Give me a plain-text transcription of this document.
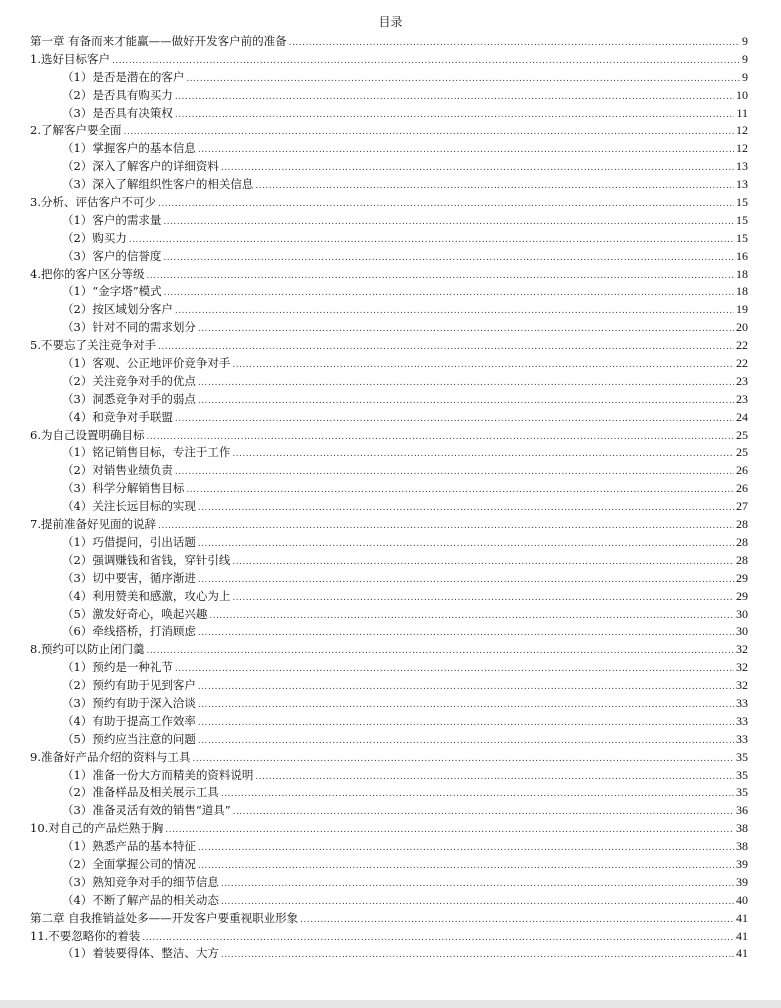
目录
第一章 有备而来才能赢——做好开发客户前的准备 .....	9
1.选好目标客户 .....	9
（1）是否是潜在的客户 .....	9
（2）是否具有购买力 .....	10
（3）是否具有决策权 .....	11
2.了解客户要全面 .....	12
（1）掌握客户的基本信息 .....	12
（2）深入了解客户的详细资料 .....	13
（3）深入了解组织性客户的相关信息 .....	13
3.分析、评估客户不可少 .....	15
（1）客户的需求量 .....	15
（2）购买力 .....	15
（3）客户的信誉度 .....	16
4.把你的客户区分等级 .....	18
（1）“金字塔”模式 .....	18
（2）按区域划分客户 .....	19
（3）针对不同的需求划分 .....	20
5.不要忘了关注竞争对手 .....	22
（1）客观、公正地评价竞争对手 .....	22
（2）关注竞争对手的优点 .....	23
（3）洞悉竞争对手的弱点 .....	23
（4）和竞争对手联盟 .....	24
6.为自己设置明确目标 .....	25
（1）铭记销售目标，专注于工作 .....	25
（2）对销售业绩负责 .....	26
（3）科学分解销售目标 .....	26
（4）关注长远目标的实现 .....	27
7.提前准备好见面的说辞 .....	28
（1）巧借提问，引出话题 .....	28
（2）强调赚钱和省钱，穿针引线 .....	28
（3）切中要害，循序渐进 .....	29
（4）利用赞美和感激，攻心为上 .....	29
（5）激发好奇心，唤起兴趣 .....	30
（6）牵线搭桥，打消顾虑 .....	30
8.预约可以防止闭门羹 .....	32
（1）预约是一种礼节 .....	32
（2）预约有助于见到客户 .....	32
（3）预约有助于深入洽谈 .....	33
（4）有助于提高工作效率 .....	33
（5）预约应当注意的问题 .....	33
9.准备好产品介绍的资料与工具 .....	35
（1）准备一份大方而精美的资料说明 .....	35
（2）准备样品及相关展示工具 .....	35
（3）准备灵活有效的销售“道具” .....	36
10.对自己的产品烂熟于胸 .....	38
（1）熟悉产品的基本特征 .....	38
（2）全面掌握公司的情况 .....	39
（3）熟知竞争对手的细节信息 .....	39
（4）不断了解产品的相关动态 .....	40
第二章 自我推销益处多——开发客户要重视职业形象 .....	41
11.不要忽略你的着装 .....	41
（1）着装要得体、整洁、大方 .....	41
